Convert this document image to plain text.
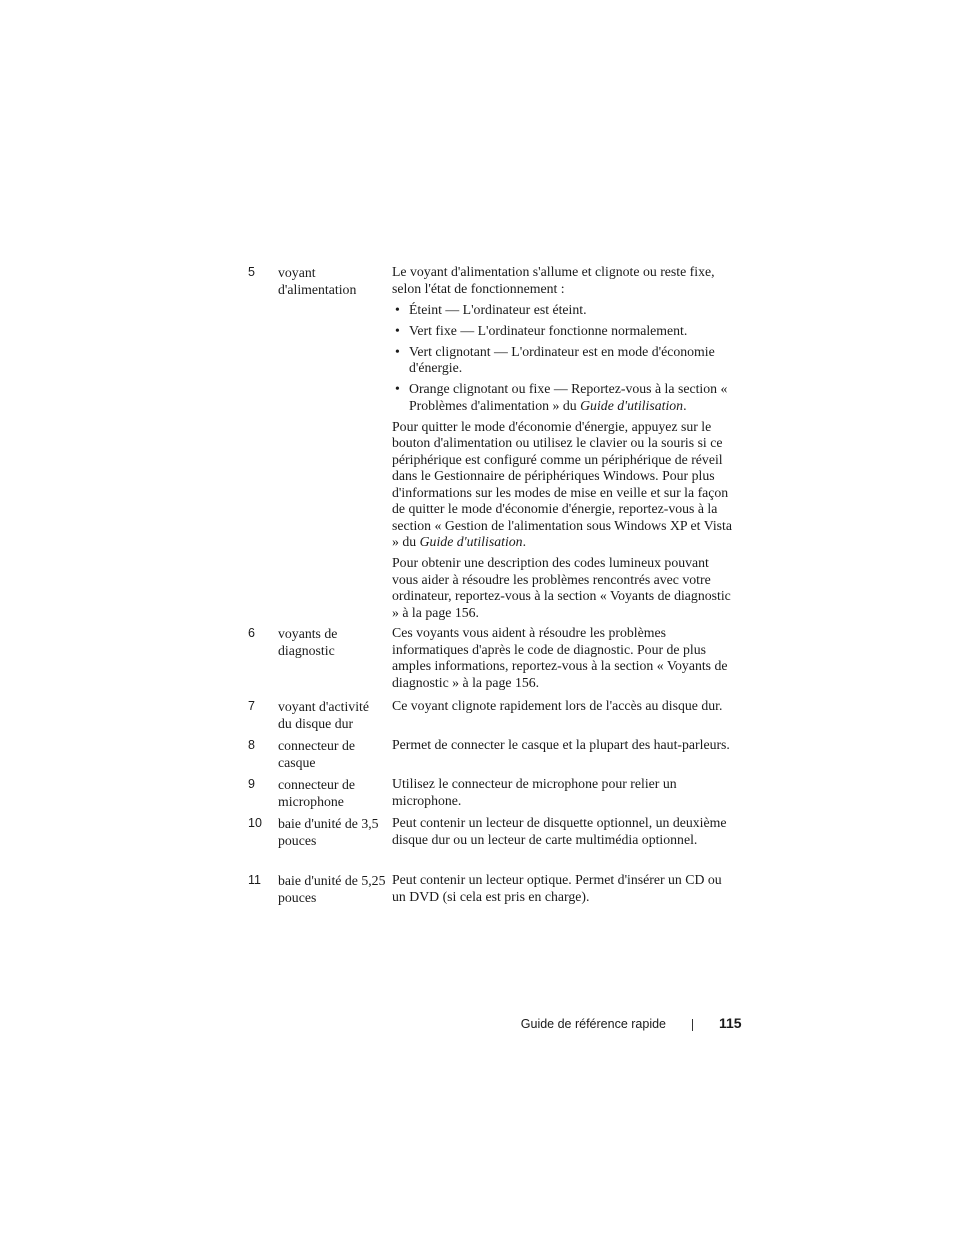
5 voyant d'alimentation

Le voyant d'alimentation s'allume et clignote ou reste fixe, selon l'état de fonctionnement :

• Éteint — L'ordinateur est éteint.
• Vert fixe — L'ordinateur fonctionne normalement.
• Vert clignotant — L'ordinateur est en mode d'économie d'énergie.
• Orange clignotant ou fixe — Reportez-vous à la section « Problèmes d'alimentation » du Guide d'utilisation.

Pour quitter le mode d'économie d'énergie, appuyez sur le bouton d'alimentation ou utilisez le clavier ou la souris si ce périphérique est configuré comme un périphérique de réveil dans le Gestionnaire de périphériques Windows. Pour plus d'informations sur les modes de mise en veille et sur la façon de quitter le mode d'économie d'énergie, reportez-vous à la section « Gestion de l'alimentation sous Windows XP et Vista » du Guide d'utilisation.

Pour obtenir une description des codes lumineux pouvant vous aider à résoudre les problèmes rencontrés avec votre ordinateur, reportez-vous à la section « Voyants de diagnostic » à la page 156.

6 voyants de diagnostic
Ces voyants vous aident à résoudre les problèmes informatiques d'après le code de diagnostic. Pour de plus amples informations, reportez-vous à la section « Voyants de diagnostic » à la page 156.
7 voyant d'activité du disque dur
Ce voyant clignote rapidement lors de l'accès au disque dur.
8 connecteur de casque
Permet de connecter le casque et la plupart des haut-parleurs.
9 connecteur de microphone
Utilisez le connecteur de microphone pour relier un microphone.
10 baie d'unité de 3,5 pouces
Peut contenir un lecteur de disquette optionnel, un deuxième disque dur ou un lecteur de carte multimédia optionnel.
11 baie d'unité de 5,25 pouces
Peut contenir un lecteur optique. Permet d'insérer un CD ou un DVD (si cela est pris en charge).
Guide de référence rapide	115
